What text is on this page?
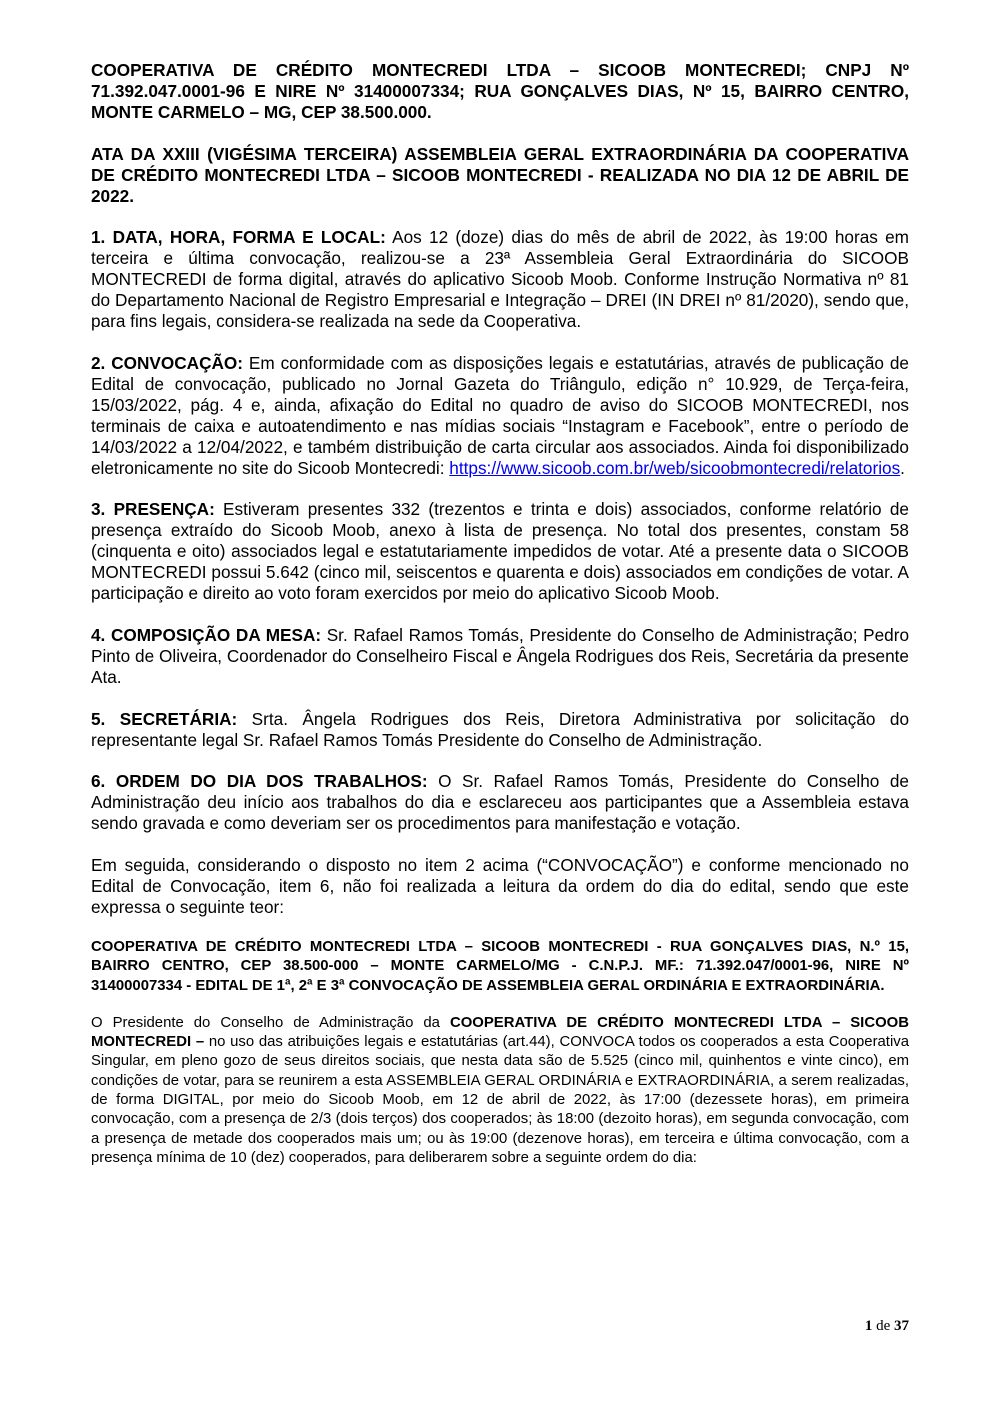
COOPERATIVA DE CRÉDITO MONTECREDI LTDA – SICOOB MONTECREDI; CNPJ Nº 71.392.047.0001-96 E NIRE Nº 31400007334; RUA GONÇALVES DIAS, Nº 15, BAIRRO CENTRO, MONTE CARMELO – MG, CEP 38.500.000.

ATA DA XXIII (VIGÉSIMA TERCEIRA) ASSEMBLEIA GERAL EXTRAORDINÁRIA DA COOPERATIVA DE CRÉDITO MONTECREDI LTDA – SICOOB MONTECREDI - REALIZADA NO DIA 12 DE ABRIL DE 2022.

1. DATA, HORA, FORMA E LOCAL: Aos 12 (doze) dias do mês de abril de 2022, às 19:00 horas em terceira e última convocação, realizou-se a 23ª Assembleia Geral Extraordinária do SICOOB MONTECREDI de forma digital, através do aplicativo Sicoob Moob. Conforme Instrução Normativa nº 81 do Departamento Nacional de Registro Empresarial e Integração – DREI (IN DREI nº 81/2020), sendo que, para fins legais, considera-se realizada na sede da Cooperativa.

2. CONVOCAÇÃO: Em conformidade com as disposições legais e estatutárias, através de publicação de Edital de convocação, publicado no Jornal Gazeta do Triângulo, edição n° 10.929, de Terça-feira, 15/03/2022, pág. 4 e, ainda, afixação do Edital no quadro de aviso do SICOOB MONTECREDI, nos terminais de caixa e autoatendimento e nas mídias sociais “Instagram e Facebook”, entre o período de 14/03/2022 a 12/04/2022, e também distribuição de carta circular aos associados. Ainda foi disponibilizado eletronicamente no site do Sicoob Montecredi: https://www.sicoob.com.br/web/sicoobmontecredi/relatorios.

3. PRESENÇA: Estiveram presentes 332 (trezentos e trinta e dois) associados, conforme relatório de presença extraído do Sicoob Moob, anexo à lista de presença. No total dos presentes, constam 58 (cinquenta e oito) associados legal e estatutariamente impedidos de votar. Até a presente data o SICOOB MONTECREDI possui 5.642 (cinco mil, seiscentos e quarenta e dois) associados em condições de votar. A participação e direito ao voto foram exercidos por meio do aplicativo Sicoob Moob.

4. COMPOSIÇÃO DA MESA: Sr. Rafael Ramos Tomás, Presidente do Conselho de Administração; Pedro Pinto de Oliveira, Coordenador do Conselheiro Fiscal e Ângela Rodrigues dos Reis, Secretária da presente Ata.

5. SECRETÁRIA: Srta. Ângela Rodrigues dos Reis, Diretora Administrativa por solicitação do representante legal Sr. Rafael Ramos Tomás Presidente do Conselho de Administração.

6. ORDEM DO DIA DOS TRABALHOS: O Sr. Rafael Ramos Tomás, Presidente do Conselho de Administração deu início aos trabalhos do dia e esclareceu aos participantes que a Assembleia estava sendo gravada e como deveriam ser os procedimentos para manifestação e votação.

Em seguida, considerando o disposto no item 2 acima (“CONVOCAÇÃO”) e conforme mencionado no Edital de Convocação, item 6, não foi realizada a leitura da ordem do dia do edital, sendo que este expressa o seguinte teor:

COOPERATIVA DE CRÉDITO MONTECREDI LTDA – SICOOB MONTECREDI - RUA GONÇALVES DIAS, N.º 15, BAIRRO CENTRO, CEP 38.500-000 – MONTE CARMELO/MG - C.N.P.J. MF.: 71.392.047/0001-96, NIRE Nº 31400007334 - EDITAL DE 1ª, 2ª E 3ª CONVOCAÇÃO DE ASSEMBLEIA GERAL ORDINÁRIA E EXTRAORDINÁRIA.

O Presidente do Conselho de Administração da COOPERATIVA DE CRÉDITO MONTECREDI LTDA – SICOOB MONTECREDI – no uso das atribuições legais e estatutárias (art.44), CONVOCA todos os cooperados a esta Cooperativa Singular, em pleno gozo de seus direitos sociais, que nesta data são de 5.525 (cinco mil, quinhentos e vinte cinco), em condições de votar, para se reunirem a esta ASSEMBLEIA GERAL ORDINÁRIA e EXTRAORDINÁRIA, a serem realizadas, de forma DIGITAL, por meio do Sicoob Moob, em 12 de abril de 2022, às 17:00 (dezessete horas), em primeira convocação, com a presença de 2/3 (dois terços) dos cooperados; às 18:00 (dezoito horas), em segunda convocação, com a presença de metade dos cooperados mais um; ou às 19:00 (dezenove horas), em terceira e última convocação, com a presença mínima de 10 (dez) cooperados, para deliberarem sobre a seguinte ordem do dia:

1 de 37
